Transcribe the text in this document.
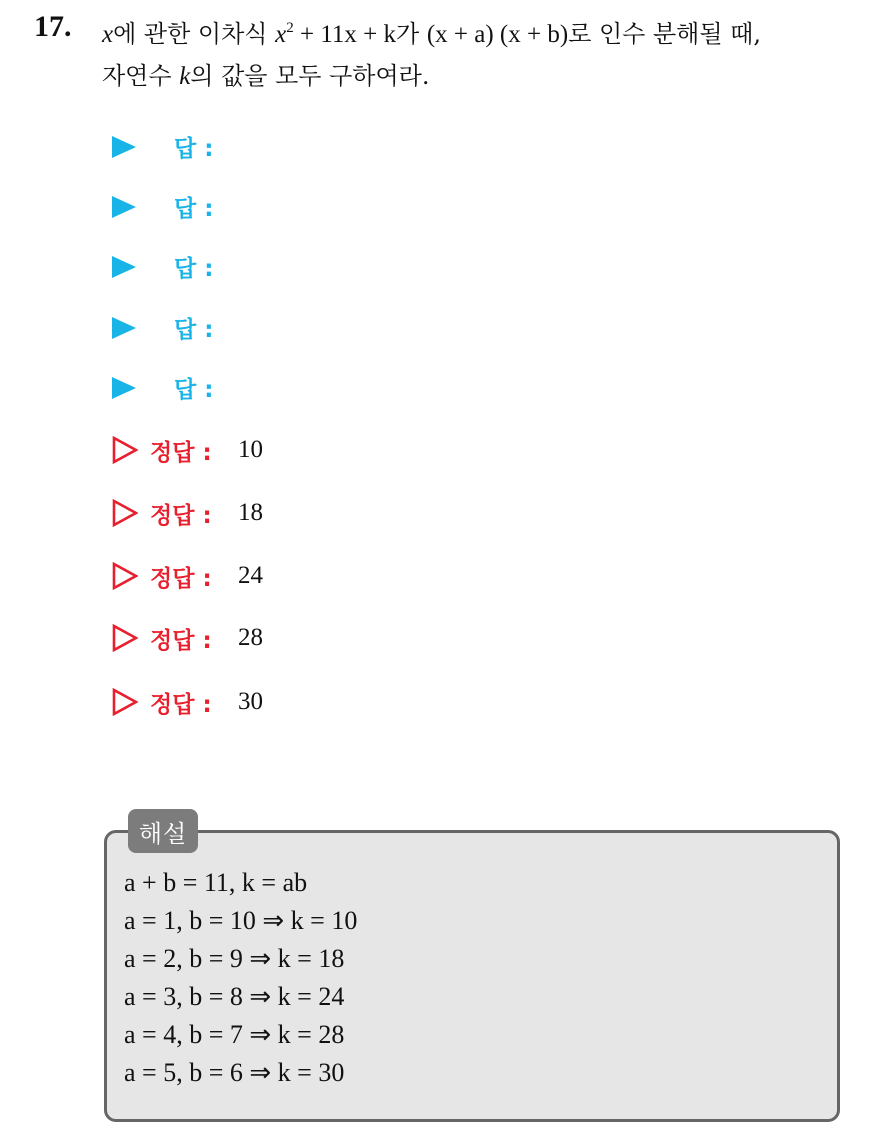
17. x에 관한 이차식 $x^2 + 11x + k$가 (x + a) (x + b)로 인수 분해될 때,
자연수 k의 값을 모두 구하여라.
답 :
답 :
답 :
답 :
답 :
정답 : 10
정답 : 18
정답 : 24
정답 : 28
정답 : 30
해설
a + b = 11, k = ab
a = 1, b = 10 ⇒ k = 10
a = 2, b = 9 ⇒ k = 18
a = 3, b = 8 ⇒ k = 24
a = 4, b = 7 ⇒ k = 28
a = 5, b = 6 ⇒ k = 30
